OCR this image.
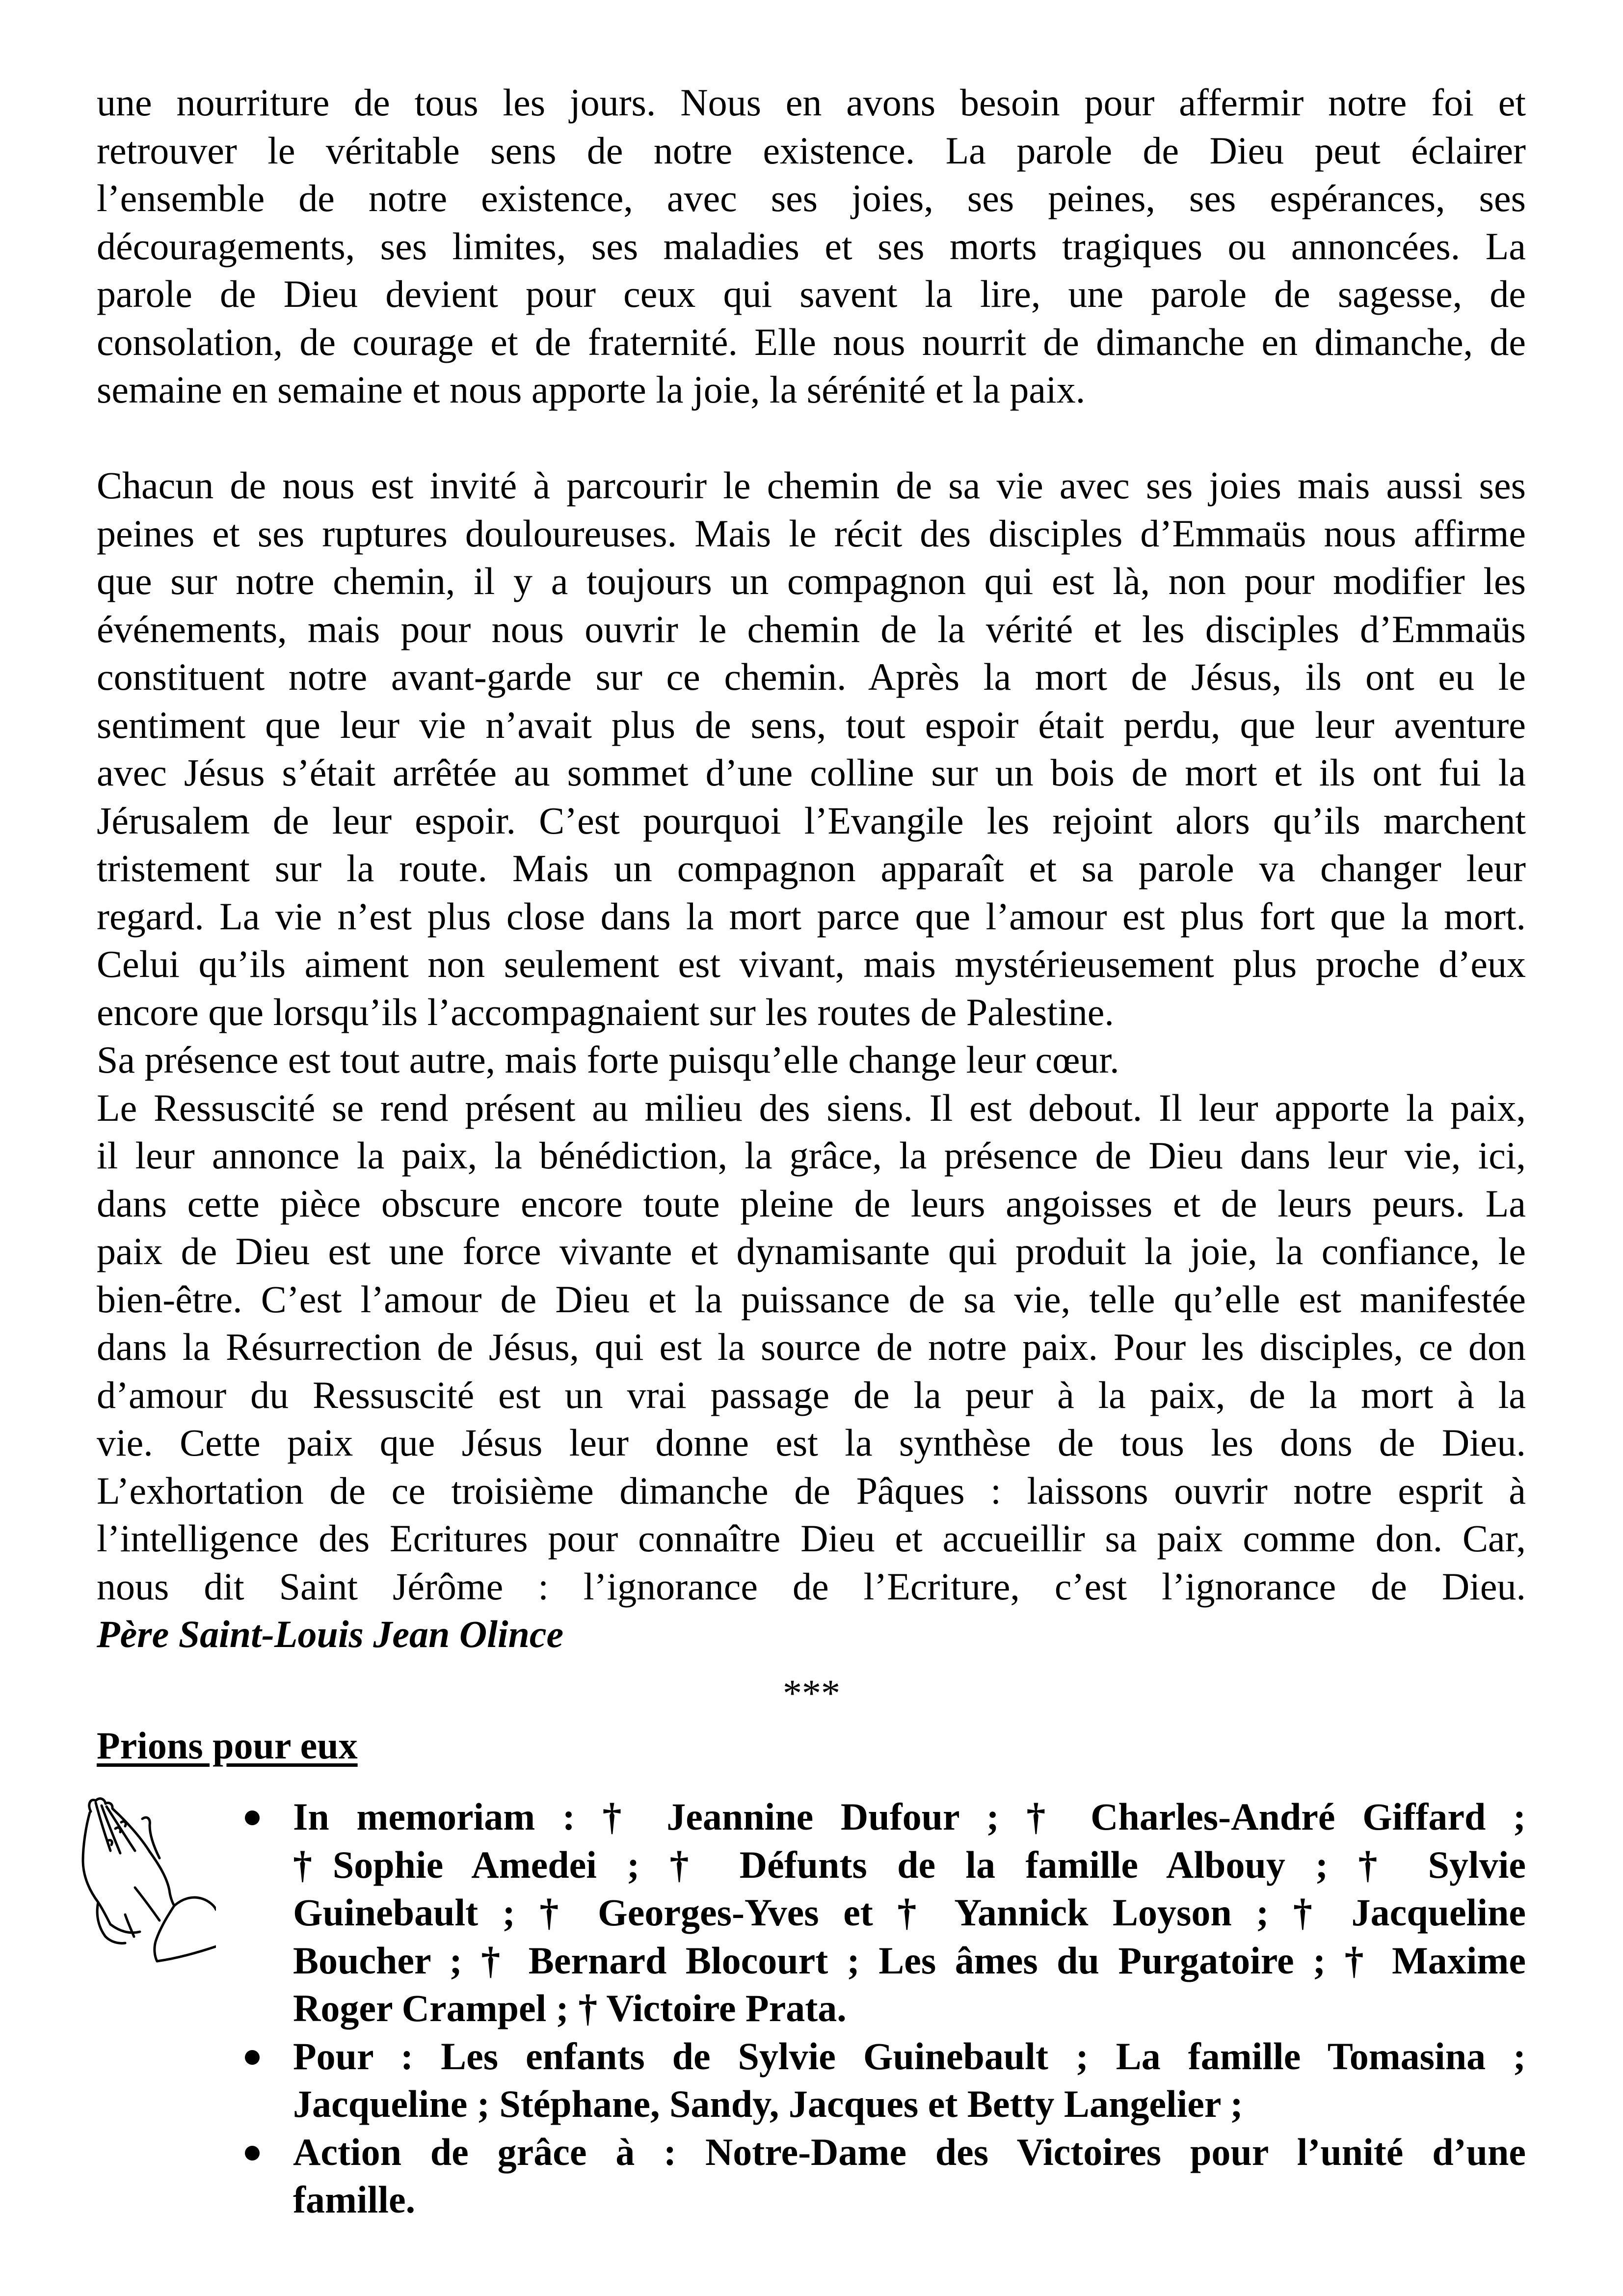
une nourriture de tous les jours. Nous en avons besoin pour affermir notre foi et
retrouver le véritable sens de notre existence. La parole de Dieu peut éclairer
l’ensemble de notre existence, avec ses joies, ses peines, ses espérances, ses
découragements, ses limites, ses maladies et ses morts tragiques ou annoncées. La
parole de Dieu devient pour ceux qui savent la lire, une parole de sagesse, de
consolation, de courage et de fraternité. Elle nous nourrit de dimanche en dimanche, de
semaine en semaine et nous apporte la joie, la sérénité et la paix.

Chacun de nous est invité à parcourir le chemin de sa vie avec ses joies mais aussi ses
peines et ses ruptures douloureuses. Mais le récit des disciples d’Emmaüs nous affirme
que sur notre chemin, il y a toujours un compagnon qui est là, non pour modifier les
événements, mais pour nous ouvrir le chemin de la vérité et les disciples d’Emmaüs
constituent notre avant-garde sur ce chemin. Après la mort de Jésus, ils ont eu le
sentiment que leur vie n’avait plus de sens, tout espoir était perdu, que leur aventure
avec Jésus s’était arrêtée au sommet d’une colline sur un bois de mort et ils ont fui la
Jérusalem de leur espoir. C’est pourquoi l’Evangile les rejoint alors qu’ils marchent
tristement sur la route. Mais un compagnon apparaît et sa parole va changer leur
regard. La vie n’est plus close dans la mort parce que l’amour est plus fort que la mort.
Celui qu’ils aiment non seulement est vivant, mais mystérieusement plus proche d’eux
encore que lorsqu’ils l’accompagnaient sur les routes de Palestine.

Sa présence est tout autre, mais forte puisqu’elle change leur cœur.

Le Ressuscité se rend présent au milieu des siens. Il est debout. Il leur apporte la paix,
il leur annonce la paix, la bénédiction, la grâce, la présence de Dieu dans leur vie, ici,
dans cette pièce obscure encore toute pleine de leurs angoisses et de leurs peurs. La
paix de Dieu est une force vivante et dynamisante qui produit la joie, la confiance, le
bien-être. C’est l’amour de Dieu et la puissance de sa vie, telle qu’elle est manifestée
dans la Résurrection de Jésus, qui est la source de notre paix. Pour les disciples, ce don
d’amour du Ressuscité est un vrai passage de la peur à la paix, de la mort à la
vie. Cette paix que Jésus leur donne est la synthèse de tous les dons de Dieu.
L’exhortation de ce troisième dimanche de Pâques : laissons ouvrir notre esprit à
l’intelligence des Ecritures pour connaître Dieu et accueillir sa paix comme don. Car,
nous dit Saint Jérôme : l’ignorance de l’Ecriture, c’est l’ignorance de Dieu.
Père Saint-Louis Jean Olince

***
Prions pour eux
In memoriam : † Jeannine Dufour ; † Charles-André Giffard ;
†Sophie Amedei ; † Défunts de la famille Albouy ; † Sylvie
Guinebault ; † Georges-Yves et † Yannick Loyson ; † Jacqueline
Boucher ; † Bernard Blocourt ; Les âmes du Purgatoire ; † Maxime
Roger Crampel ; † Victoire Prata.
Pour : Les enfants de Sylvie Guinebault ; La famille Tomasina ;
Jacqueline ; Stéphane, Sandy, Jacques et Betty Langelier ;
Action de grâce à : Notre-Dame des Victoires pour l’unité d’une
famille.
